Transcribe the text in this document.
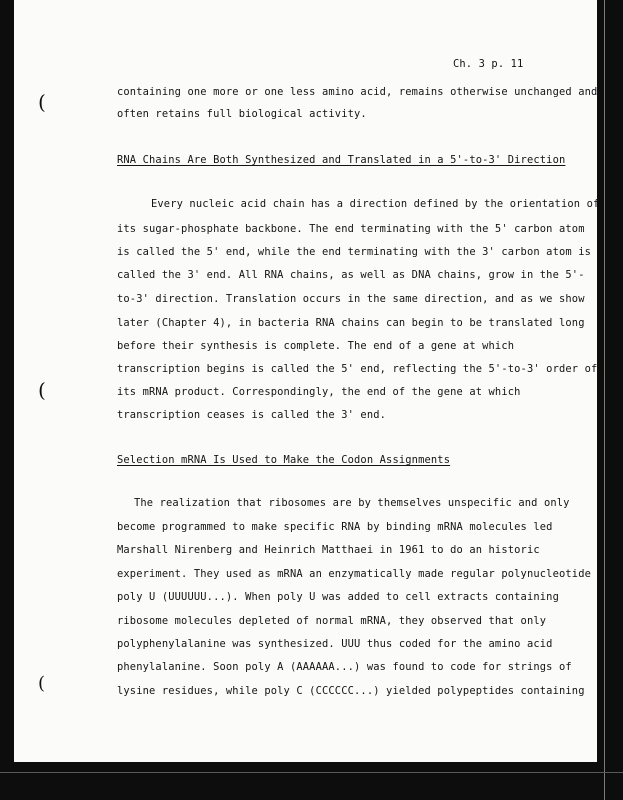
(
(
(
Ch. 3 p. 11
containing one more or one less amino acid, remains otherwise unchanged and
often retains full biological activity.
RNA Chains Are Both Synthesized and Translated in a 5'-to-3' Direction
Every nucleic acid chain has a direction defined by the orientation of
its sugar-phosphate backbone. The end terminating with the 5' carbon atom
is called the 5' end, while the end terminating with the 3' carbon atom is
called the 3' end. All RNA chains, as well as DNA chains, grow in the 5'-
to-3' direction. Translation occurs in the same direction, and as we show
later (Chapter 4), in bacteria RNA chains can begin to be translated long
before their synthesis is complete. The end of a gene at which
transcription begins is called the 5' end, reflecting the 5'-to-3' order of
its mRNA product. Correspondingly, the end of the gene at which
transcription ceases is called the 3' end.
Selection mRNA Is Used to Make the Codon Assignments
The realization that ribosomes are by themselves unspecific and only
become programmed to make specific RNA by binding mRNA molecules led
Marshall Nirenberg and Heinrich Matthaei in 1961 to do an historic
experiment. They used as mRNA an enzymatically made regular polynucleotide
poly U (UUUUUU...). When poly U was added to cell extracts containing
ribosome molecules depleted of normal mRNA, they observed that only
polyphenylalanine was synthesized. UUU thus coded for the amino acid
phenylalanine. Soon poly A (AAAAAA...) was found to code for strings of
lysine residues, while poly C (CCCCCC...) yielded polypeptides containing
